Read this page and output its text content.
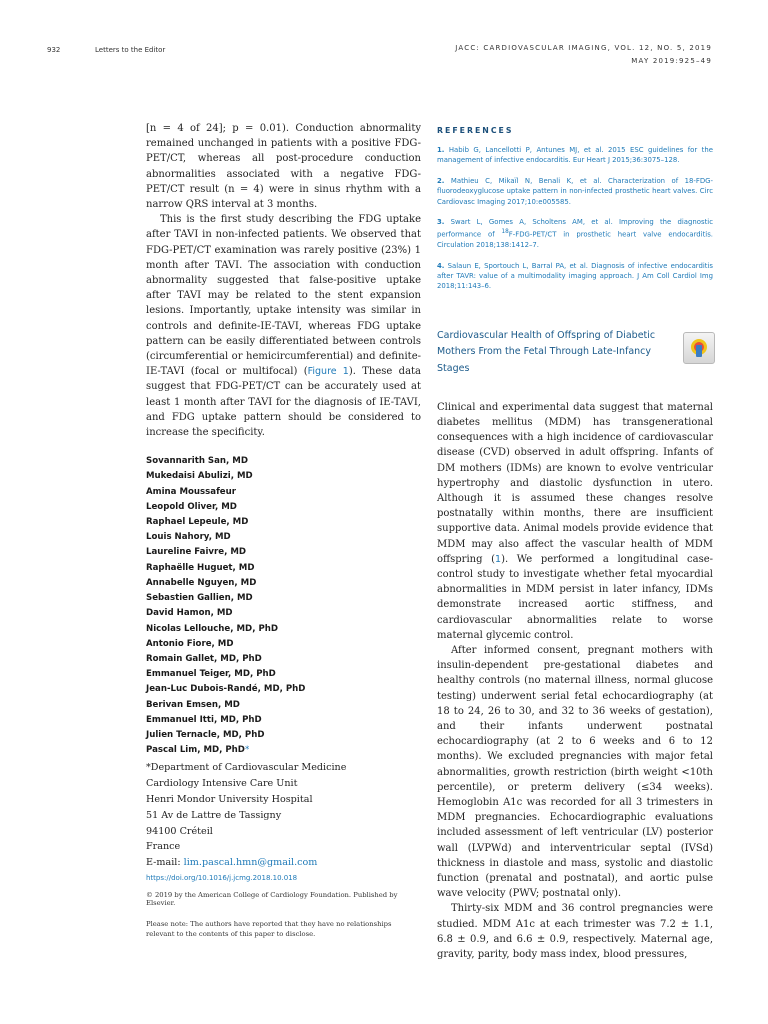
932	Letters to the Editor	JACC: CARDIOVASCULAR IMAGING, VOL. 12, NO. 5, 2019
MAY 2019:925–49

[n = 4 of 24]; p = 0.01). Conduction abnormality remained unchanged in patients with a positive FDG-PET/CT, whereas all post-procedure conduction abnormalities associated with a negative FDG-PET/CT result (n = 4) were in sinus rhythm with a narrow QRS interval at 3 months.

This is the first study describing the FDG uptake after TAVI in non-infected patients. We observed that FDG-PET/CT examination was rarely positive (23%) 1 month after TAVI. The association with conduction abnormality suggested that false-positive uptake after TAVI may be related to the stent expansion lesions. Importantly, uptake intensity was similar in controls and definite-IE-TAVI, whereas FDG uptake pattern can be easily differentiated between controls (circumferential or hemicircumferential) and definite-IE-TAVI (focal or multifocal) (Figure 1). These data suggest that FDG-PET/CT can be accurately used at least 1 month after TAVI for the diagnosis of IE-TAVI, and FDG uptake pattern should be considered to increase the specificity.

Sovannarith San, MD
Mukedaisi Abulizi, MD
Amina Moussafeur
Leopold Oliver, MD
Raphael Lepeule, MD
Louis Nahory, MD
Laureline Faivre, MD
Raphaëlle Huguet, MD
Annabelle Nguyen, MD
Sebastien Gallien, MD
David Hamon, MD
Nicolas Lellouche, MD, PhD
Antonio Fiore, MD
Romain Gallet, MD, PhD
Emmanuel Teiger, MD, PhD
Jean-Luc Dubois-Randé, MD, PhD
Berivan Emsen, MD
Emmanuel Itti, MD, PhD
Julien Ternacle, MD, PhD
Pascal Lim, MD, PhD*
*Department of Cardiovascular Medicine
Cardiology Intensive Care Unit
Henri Mondor University Hospital
51 Av de Lattre de Tassigny
94100 Créteil
France
E-mail: lim.pascal.hmn@gmail.com
https://doi.org/10.1016/j.jcmg.2018.10.018
© 2019 by the American College of Cardiology Foundation. Published by Elsevier.
Please note: The authors have reported that they have no relationships relevant to the contents of this paper to disclose.
REFERENCES
1. Habib G, Lancellotti P, Antunes MJ, et al. 2015 ESC guidelines for the management of infective endocarditis. Eur Heart J 2015;36:3075–128.
2. Mathieu C, Mikaïl N, Benali K, et al. Characterization of 18-FDG-fluorodeoxyglucose uptake pattern in non-infected prosthetic heart valves. Circ Cardiovasc Imaging 2017;10:e005585.
3. Swart L, Gomes A, Scholtens AM, et al. Improving the diagnostic performance of $^{18}$F-FDG-PET/CT in prosthetic heart valve endocarditis. Circulation 2018;138:1412–7.
4. Salaun E, Sportouch L, Barral PA, et al. Diagnosis of infective endocarditis after TAVR: value of a multimodality imaging approach. J Am Coll Cardiol Img 2018;11:143–6.
Cardiovascular Health of Offspring of Diabetic Mothers From the Fetal Through Late-Infancy Stages

Clinical and experimental data suggest that maternal diabetes mellitus (MDM) has transgenerational consequences with a high incidence of cardiovascular disease (CVD) observed in adult offspring. Infants of DM mothers (IDMs) are known to evolve ventricular hypertrophy and diastolic dysfunction in utero. Although it is assumed these changes resolve postnatally within months, there are insufficient supportive data. Animal models provide evidence that MDM may also affect the vascular health of MDM offspring (1). We performed a longitudinal case-control study to investigate whether fetal myocardial abnormalities in MDM persist in later infancy, IDMs demonstrate increased aortic stiffness, and cardiovascular abnormalities relate to worse maternal glycemic control.

After informed consent, pregnant mothers with insulin-dependent pre-gestational diabetes and healthy controls (no maternal illness, normal glucose testing) underwent serial fetal echocardiography (at 18 to 24, 26 to 30, and 32 to 36 weeks of gestation), and their infants underwent postnatal echocardiography (at 2 to 6 weeks and 6 to 12 months). We excluded pregnancies with major fetal abnormalities, growth restriction (birth weight <10th percentile), or preterm delivery (≤34 weeks). Hemoglobin A1c was recorded for all 3 trimesters in MDM pregnancies. Echocardiographic evaluations included assessment of left ventricular (LV) posterior wall (LVPWd) and interventricular septal (IVSd) thickness in diastole and mass, systolic and diastolic function (prenatal and postnatal), and aortic pulse wave velocity (PWV; postnatal only).

Thirty-six MDM and 36 control pregnancies were studied. MDM A1c at each trimester was 7.2 ± 1.1, 6.8 ± 0.9, and 6.6 ± 0.9, respectively. Maternal age, gravity, parity, body mass index, blood pressures,
